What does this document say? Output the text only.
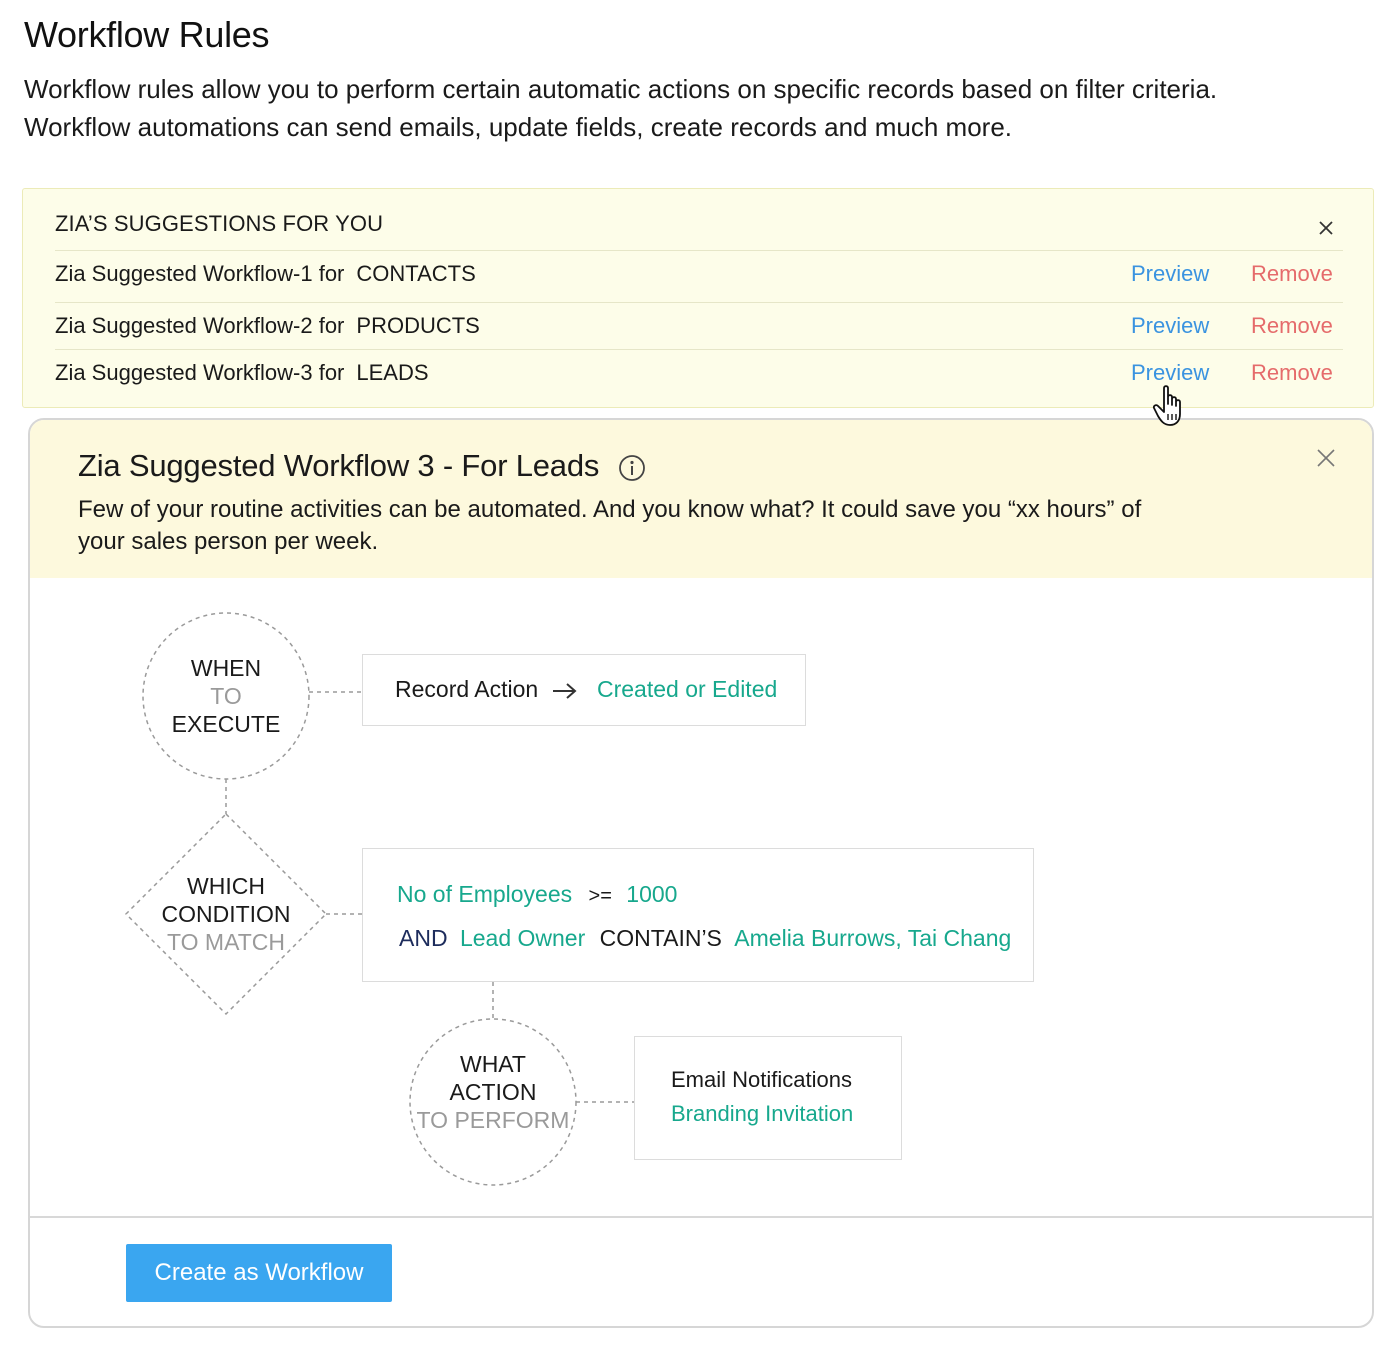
Workflow Rules
Workflow rules allow you to perform certain automatic actions on specific records based on filter criteria.
Workflow automations can send emails, update fields, create records and much more.
ZIA’S SUGGESTIONS FOR YOU
Zia Suggested Workflow-1 for CONTACTS	Preview Remove
Zia Suggested Workflow-2 for PRODUCTS	Preview Remove
Zia Suggested Workflow-3 for LEADS	Preview Remove
Zia Suggested Workflow 3 - For Leads
Few of your routine activities can be automated. And you know what? It could save you “xx hours” of your sales person per week.
WHEN
TO
EXECUTE
Record Action	Created or Edited
WHICH
CONDITION
TO MATCH
No of Employees >= 1000
AND Lead Owner CONTAIN’S Amelia Burrows, Tai Chang
WHAT
ACTION
TO PERFORM
Email Notifications
Branding Invitation
Create as Workflow
